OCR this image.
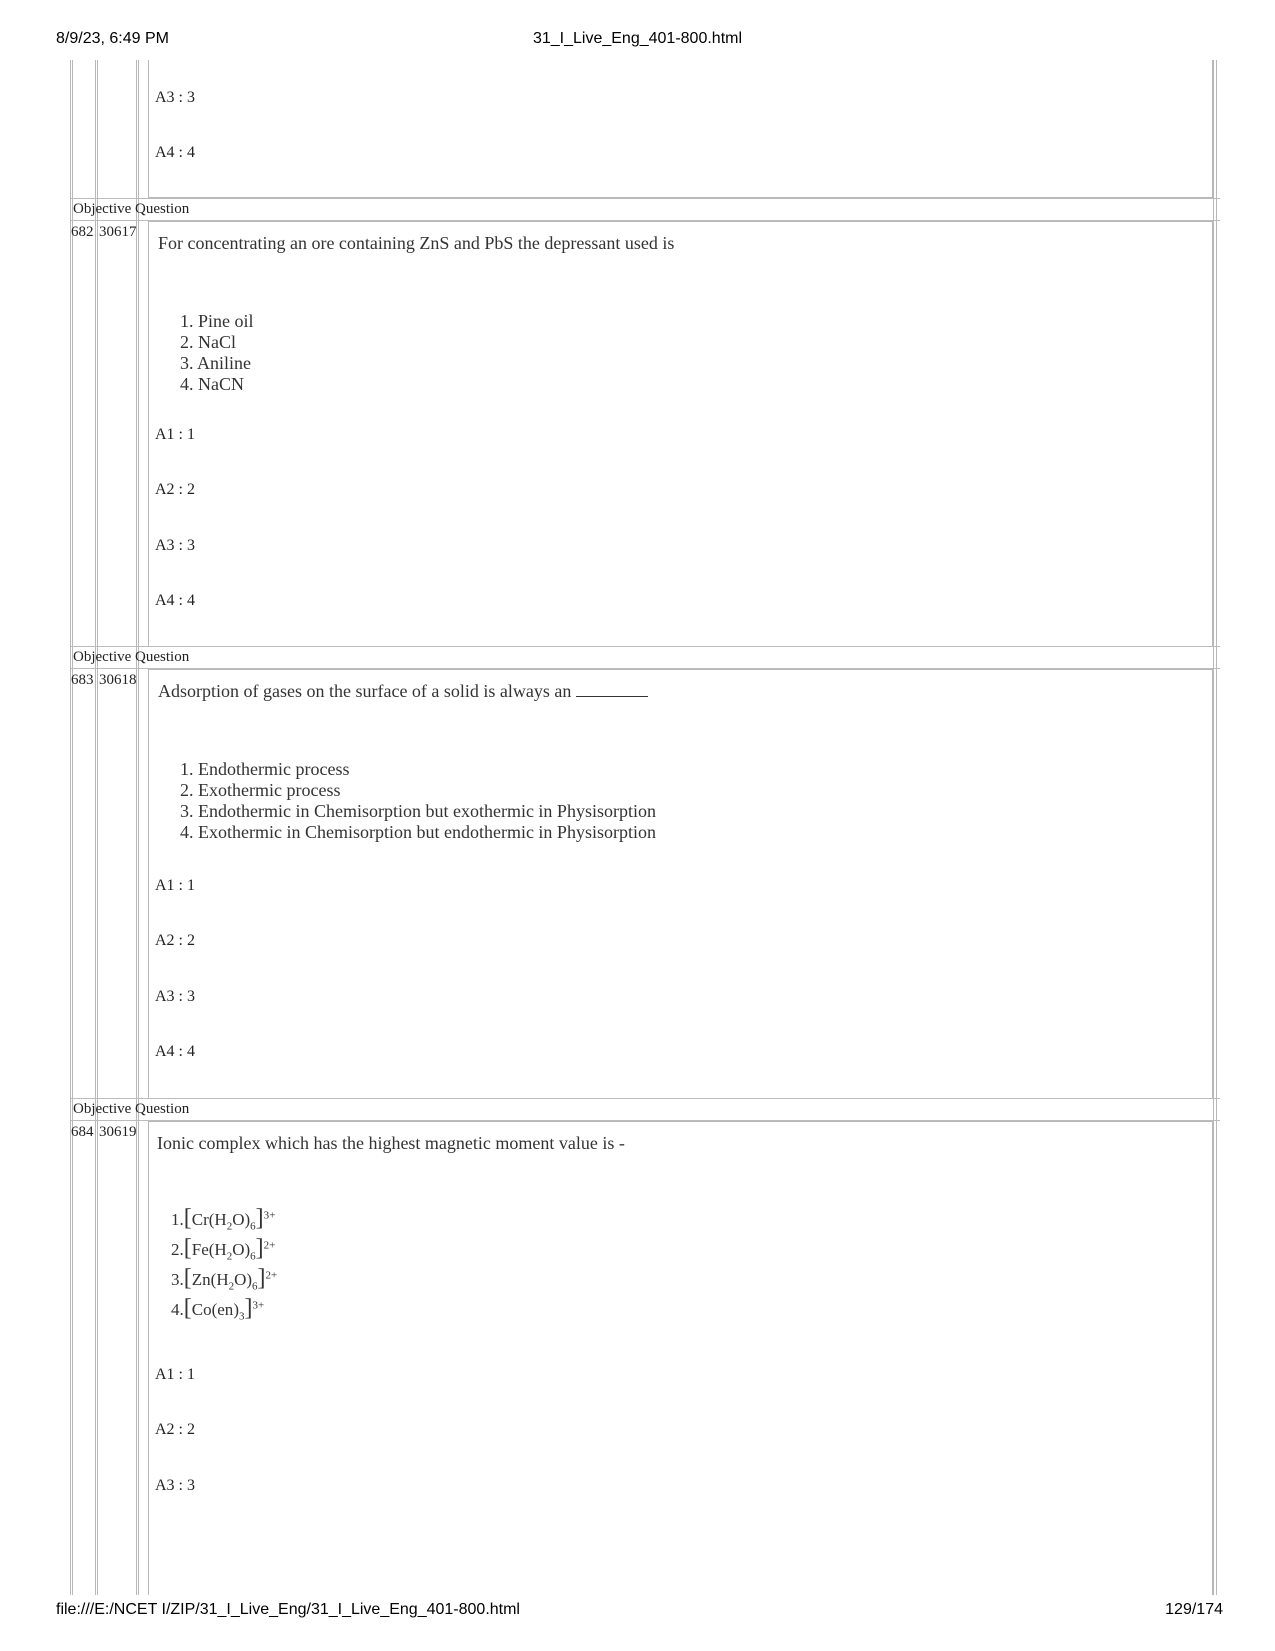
8/9/23, 6:49 PM	31_I_Live_Eng_401-800.html
A3 : 3
A4 : 4
Objective Question
682 30617
For concentrating an ore containing ZnS and PbS the depressant used is
1. Pine oil
2. NaCl
3. Aniline
4. NaCN
A1 : 1
A2 : 2
A3 : 3
A4 : 4
Objective Question
683 30618
Adsorption of gases on the surface of a solid is always an
1. Endothermic process
2. Exothermic process
3. Endothermic in Chemisorption but exothermic in Physisorption
4. Exothermic in Chemisorption but endothermic in Physisorption
A1 : 1
A2 : 2
A3 : 3
A4 : 4
Objective Question
684 30619
Ionic complex which has the highest magnetic moment value is -
$1.[Cr(H_2O)_6]^{3+}$
$2.[Fe(H_2O)_6]^{2+}$
$3.[Zn(H_2O)_6]^{2+}$
$4.[Co(en)_3]^{3+}$
A1 : 1
A2 : 2
A3 : 3
file:///E:/NCET I/ZIP/31_I_Live_Eng/31_I_Live_Eng_401-800.html	129/174
